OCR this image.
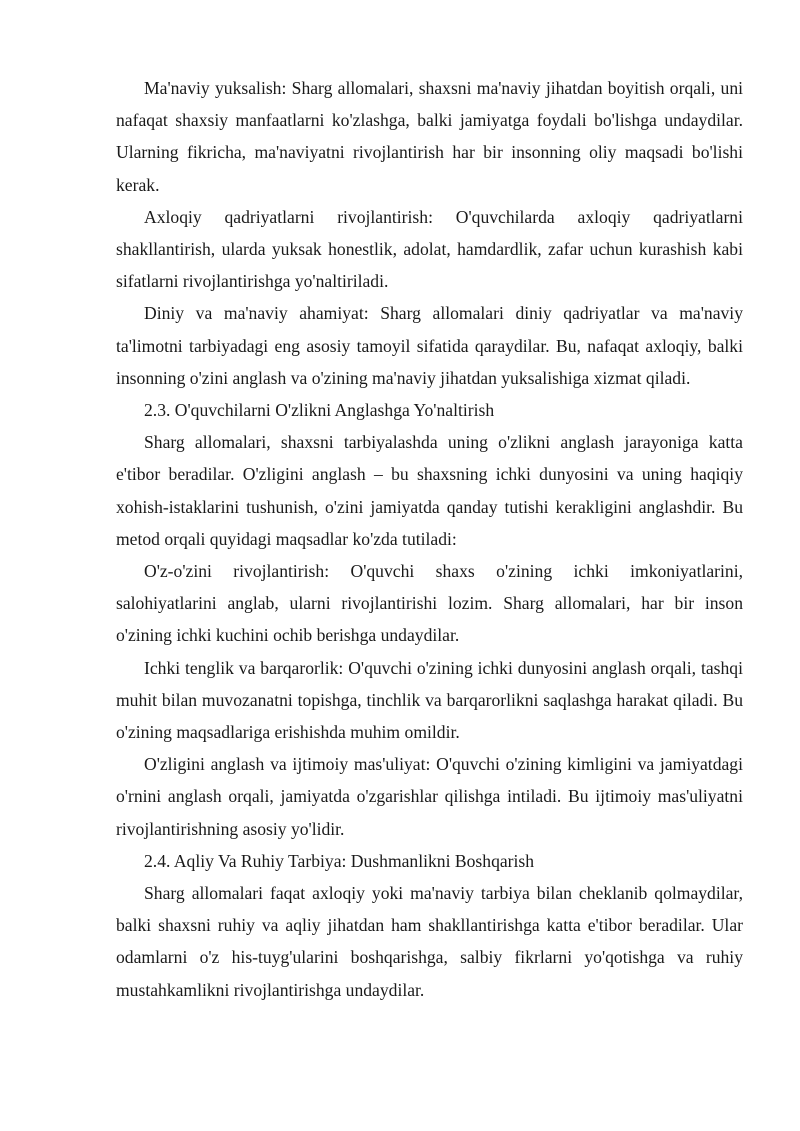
Ma'naviy yuksalish: Sharg allomalari, shaxsni ma'naviy jihatdan boyitish orqali, uni nafaqat shaxsiy manfaatlarni ko'zlashga, balki jamiyatga foydali bo'lishga undaydilar. Ularning fikricha, ma'naviyatni rivojlantirish har bir insonning oliy maqsadi bo'lishi kerak.

Axloqiy qadriyatlarni rivojlantirish: O'quvchilarda axloqiy qadriyatlarni shakllantirish, ularda yuksak honestlik, adolat, hamdardlik, zafar uchun kurashish kabi sifatlarni rivojlantirishga yo'naltiriladi.

Diniy va ma'naviy ahamiyat: Sharg allomalari diniy qadriyatlar va ma'naviy ta'limotni tarbiyadagi eng asosiy tamoyil sifatida qaraydilar. Bu, nafaqat axloqiy, balki insonning o'zini anglash va o'zining ma'naviy jihatdan yuksalishiga xizmat qiladi.

2.3. O'quvchilarni O'zlikni Anglashga Yo'naltirish

Sharg allomalari, shaxsni tarbiyalashda uning o'zlikni anglash jarayoniga katta e'tibor beradilar. O'zligini anglash – bu shaxsning ichki dunyosini va uning haqiqiy xohish-istaklarini tushunish, o'zini jamiyatda qanday tutishi kerakligini anglashdir. Bu metod orqali quyidagi maqsadlar ko'zda tutiladi:

O'z-o'zini rivojlantirish: O'quvchi shaxs o'zining ichki imkoniyatlarini, salohiyatlarini anglab, ularni rivojlantirishi lozim. Sharg allomalari, har bir inson o'zining ichki kuchini ochib berishga undaydilar.

Ichki tenglik va barqarorlik: O'quvchi o'zining ichki dunyosini anglash orqali, tashqi muhit bilan muvozanatni topishga, tinchlik va barqarorlikni saqlashga harakat qiladi. Bu o'zining maqsadlariga erishishda muhim omildir.

O'zligini anglash va ijtimoiy mas'uliyat: O'quvchi o'zining kimligini va jamiyatdagi o'rnini anglash orqali, jamiyatda o'zgarishlar qilishga intiladi. Bu ijtimoiy mas'uliyatni rivojlantirishning asosiy yo'lidir.

2.4. Aqliy Va Ruhiy Tarbiya: Dushmanlikni Boshqarish

Sharg allomalari faqat axloqiy yoki ma'naviy tarbiya bilan cheklanib qolmaydilar, balki shaxsni ruhiy va aqliy jihatdan ham shakllantirishga katta e'tibor beradilar. Ular odamlarni o'z his-tuyg'ularini boshqarishga, salbiy fikrlarni yo'qotishga va ruhiy mustahkamlikni rivojlantirishga undaydilar.
